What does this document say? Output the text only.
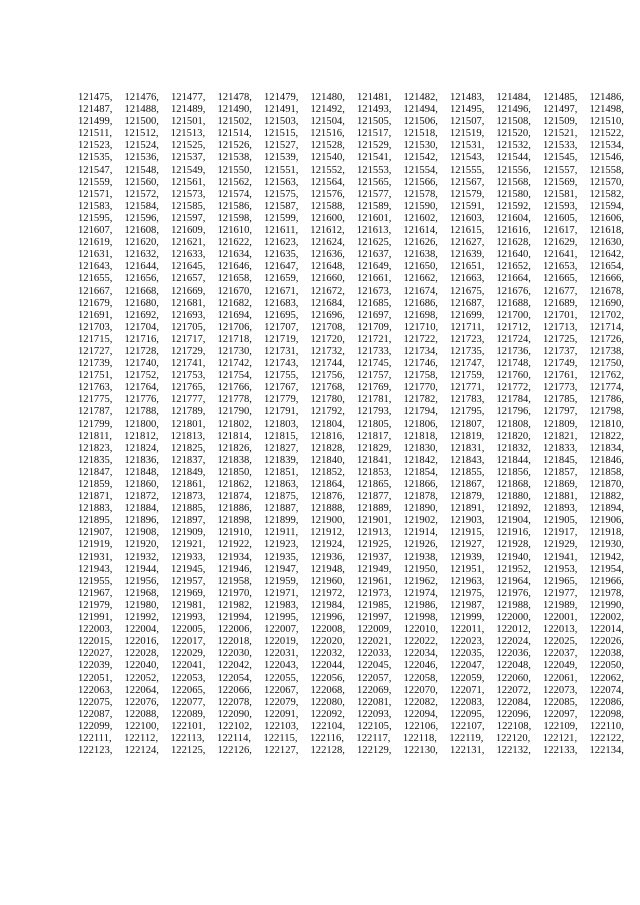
121475, 121476, 121477, 121478, 121479, 121480, 121481, 121482, 121483, 121484, 121485, 121486,
121487, 121488, 121489, 121490, 121491, 121492, 121493, 121494, 121495, 121496, 121497, 121498,
121499, 121500, 121501, 121502, 121503, 121504, 121505, 121506, 121507, 121508, 121509, 121510,
121511, 121512, 121513, 121514, 121515, 121516, 121517, 121518, 121519, 121520, 121521, 121522,
121523, 121524, 121525, 121526, 121527, 121528, 121529, 121530, 121531, 121532, 121533, 121534,
121535, 121536, 121537, 121538, 121539, 121540, 121541, 121542, 121543, 121544, 121545, 121546,
121547, 121548, 121549, 121550, 121551, 121552, 121553, 121554, 121555, 121556, 121557, 121558,
121559, 121560, 121561, 121562, 121563, 121564, 121565, 121566, 121567, 121568, 121569, 121570,
121571, 121572, 121573, 121574, 121575, 121576, 121577, 121578, 121579, 121580, 121581, 121582,
121583, 121584, 121585, 121586, 121587, 121588, 121589, 121590, 121591, 121592, 121593, 121594,
121595, 121596, 121597, 121598, 121599, 121600, 121601, 121602, 121603, 121604, 121605, 121606,
121607, 121608, 121609, 121610, 121611, 121612, 121613, 121614, 121615, 121616, 121617, 121618,
121619, 121620, 121621, 121622, 121623, 121624, 121625, 121626, 121627, 121628, 121629, 121630,
121631, 121632, 121633, 121634, 121635, 121636, 121637, 121638, 121639, 121640, 121641, 121642,
121643, 121644, 121645, 121646, 121647, 121648, 121649, 121650, 121651, 121652, 121653, 121654,
121655, 121656, 121657, 121658, 121659, 121660, 121661, 121662, 121663, 121664, 121665, 121666,
121667, 121668, 121669, 121670, 121671, 121672, 121673, 121674, 121675, 121676, 121677, 121678,
121679, 121680, 121681, 121682, 121683, 121684, 121685, 121686, 121687, 121688, 121689, 121690,
121691, 121692, 121693, 121694, 121695, 121696, 121697, 121698, 121699, 121700, 121701, 121702,
121703, 121704, 121705, 121706, 121707, 121708, 121709, 121710, 121711, 121712, 121713, 121714,
121715, 121716, 121717, 121718, 121719, 121720, 121721, 121722, 121723, 121724, 121725, 121726,
121727, 121728, 121729, 121730, 121731, 121732, 121733, 121734, 121735, 121736, 121737, 121738,
121739, 121740, 121741, 121742, 121743, 121744, 121745, 121746, 121747, 121748, 121749, 121750,
121751, 121752, 121753, 121754, 121755, 121756, 121757, 121758, 121759, 121760, 121761, 121762,
121763, 121764, 121765, 121766, 121767, 121768, 121769, 121770, 121771, 121772, 121773, 121774,
121775, 121776, 121777, 121778, 121779, 121780, 121781, 121782, 121783, 121784, 121785, 121786,
121787, 121788, 121789, 121790, 121791, 121792, 121793, 121794, 121795, 121796, 121797, 121798,
121799, 121800, 121801, 121802, 121803, 121804, 121805, 121806, 121807, 121808, 121809, 121810,
121811, 121812, 121813, 121814, 121815, 121816, 121817, 121818, 121819, 121820, 121821, 121822,
121823, 121824, 121825, 121826, 121827, 121828, 121829, 121830, 121831, 121832, 121833, 121834,
121835, 121836, 121837, 121838, 121839, 121840, 121841, 121842, 121843, 121844, 121845, 121846,
121847, 121848, 121849, 121850, 121851, 121852, 121853, 121854, 121855, 121856, 121857, 121858,
121859, 121860, 121861, 121862, 121863, 121864, 121865, 121866, 121867, 121868, 121869, 121870,
121871, 121872, 121873, 121874, 121875, 121876, 121877, 121878, 121879, 121880, 121881, 121882,
121883, 121884, 121885, 121886, 121887, 121888, 121889, 121890, 121891, 121892, 121893, 121894,
121895, 121896, 121897, 121898, 121899, 121900, 121901, 121902, 121903, 121904, 121905, 121906,
121907, 121908, 121909, 121910, 121911, 121912, 121913, 121914, 121915, 121916, 121917, 121918,
121919, 121920, 121921, 121922, 121923, 121924, 121925, 121926, 121927, 121928, 121929, 121930,
121931, 121932, 121933, 121934, 121935, 121936, 121937, 121938, 121939, 121940, 121941, 121942,
121943, 121944, 121945, 121946, 121947, 121948, 121949, 121950, 121951, 121952, 121953, 121954,
121955, 121956, 121957, 121958, 121959, 121960, 121961, 121962, 121963, 121964, 121965, 121966,
121967, 121968, 121969, 121970, 121971, 121972, 121973, 121974, 121975, 121976, 121977, 121978,
121979, 121980, 121981, 121982, 121983, 121984, 121985, 121986, 121987, 121988, 121989, 121990,
121991, 121992, 121993, 121994, 121995, 121996, 121997, 121998, 121999, 122000, 122001, 122002,
122003, 122004, 122005, 122006, 122007, 122008, 122009, 122010, 122011, 122012, 122013, 122014,
122015, 122016, 122017, 122018, 122019, 122020, 122021, 122022, 122023, 122024, 122025, 122026,
122027, 122028, 122029, 122030, 122031, 122032, 122033, 122034, 122035, 122036, 122037, 122038,
122039, 122040, 122041, 122042, 122043, 122044, 122045, 122046, 122047, 122048, 122049, 122050,
122051, 122052, 122053, 122054, 122055, 122056, 122057, 122058, 122059, 122060, 122061, 122062,
122063, 122064, 122065, 122066, 122067, 122068, 122069, 122070, 122071, 122072, 122073, 122074,
122075, 122076, 122077, 122078, 122079, 122080, 122081, 122082, 122083, 122084, 122085, 122086,
122087, 122088, 122089, 122090, 122091, 122092, 122093, 122094, 122095, 122096, 122097, 122098,
122099, 122100, 122101, 122102, 122103, 122104, 122105, 122106, 122107, 122108, 122109, 122110,
122111, 122112, 122113, 122114, 122115, 122116, 122117, 122118, 122119, 122120, 122121, 122122,
122123, 122124, 122125, 122126, 122127, 122128, 122129, 122130, 122131, 122132, 122133, 122134,
